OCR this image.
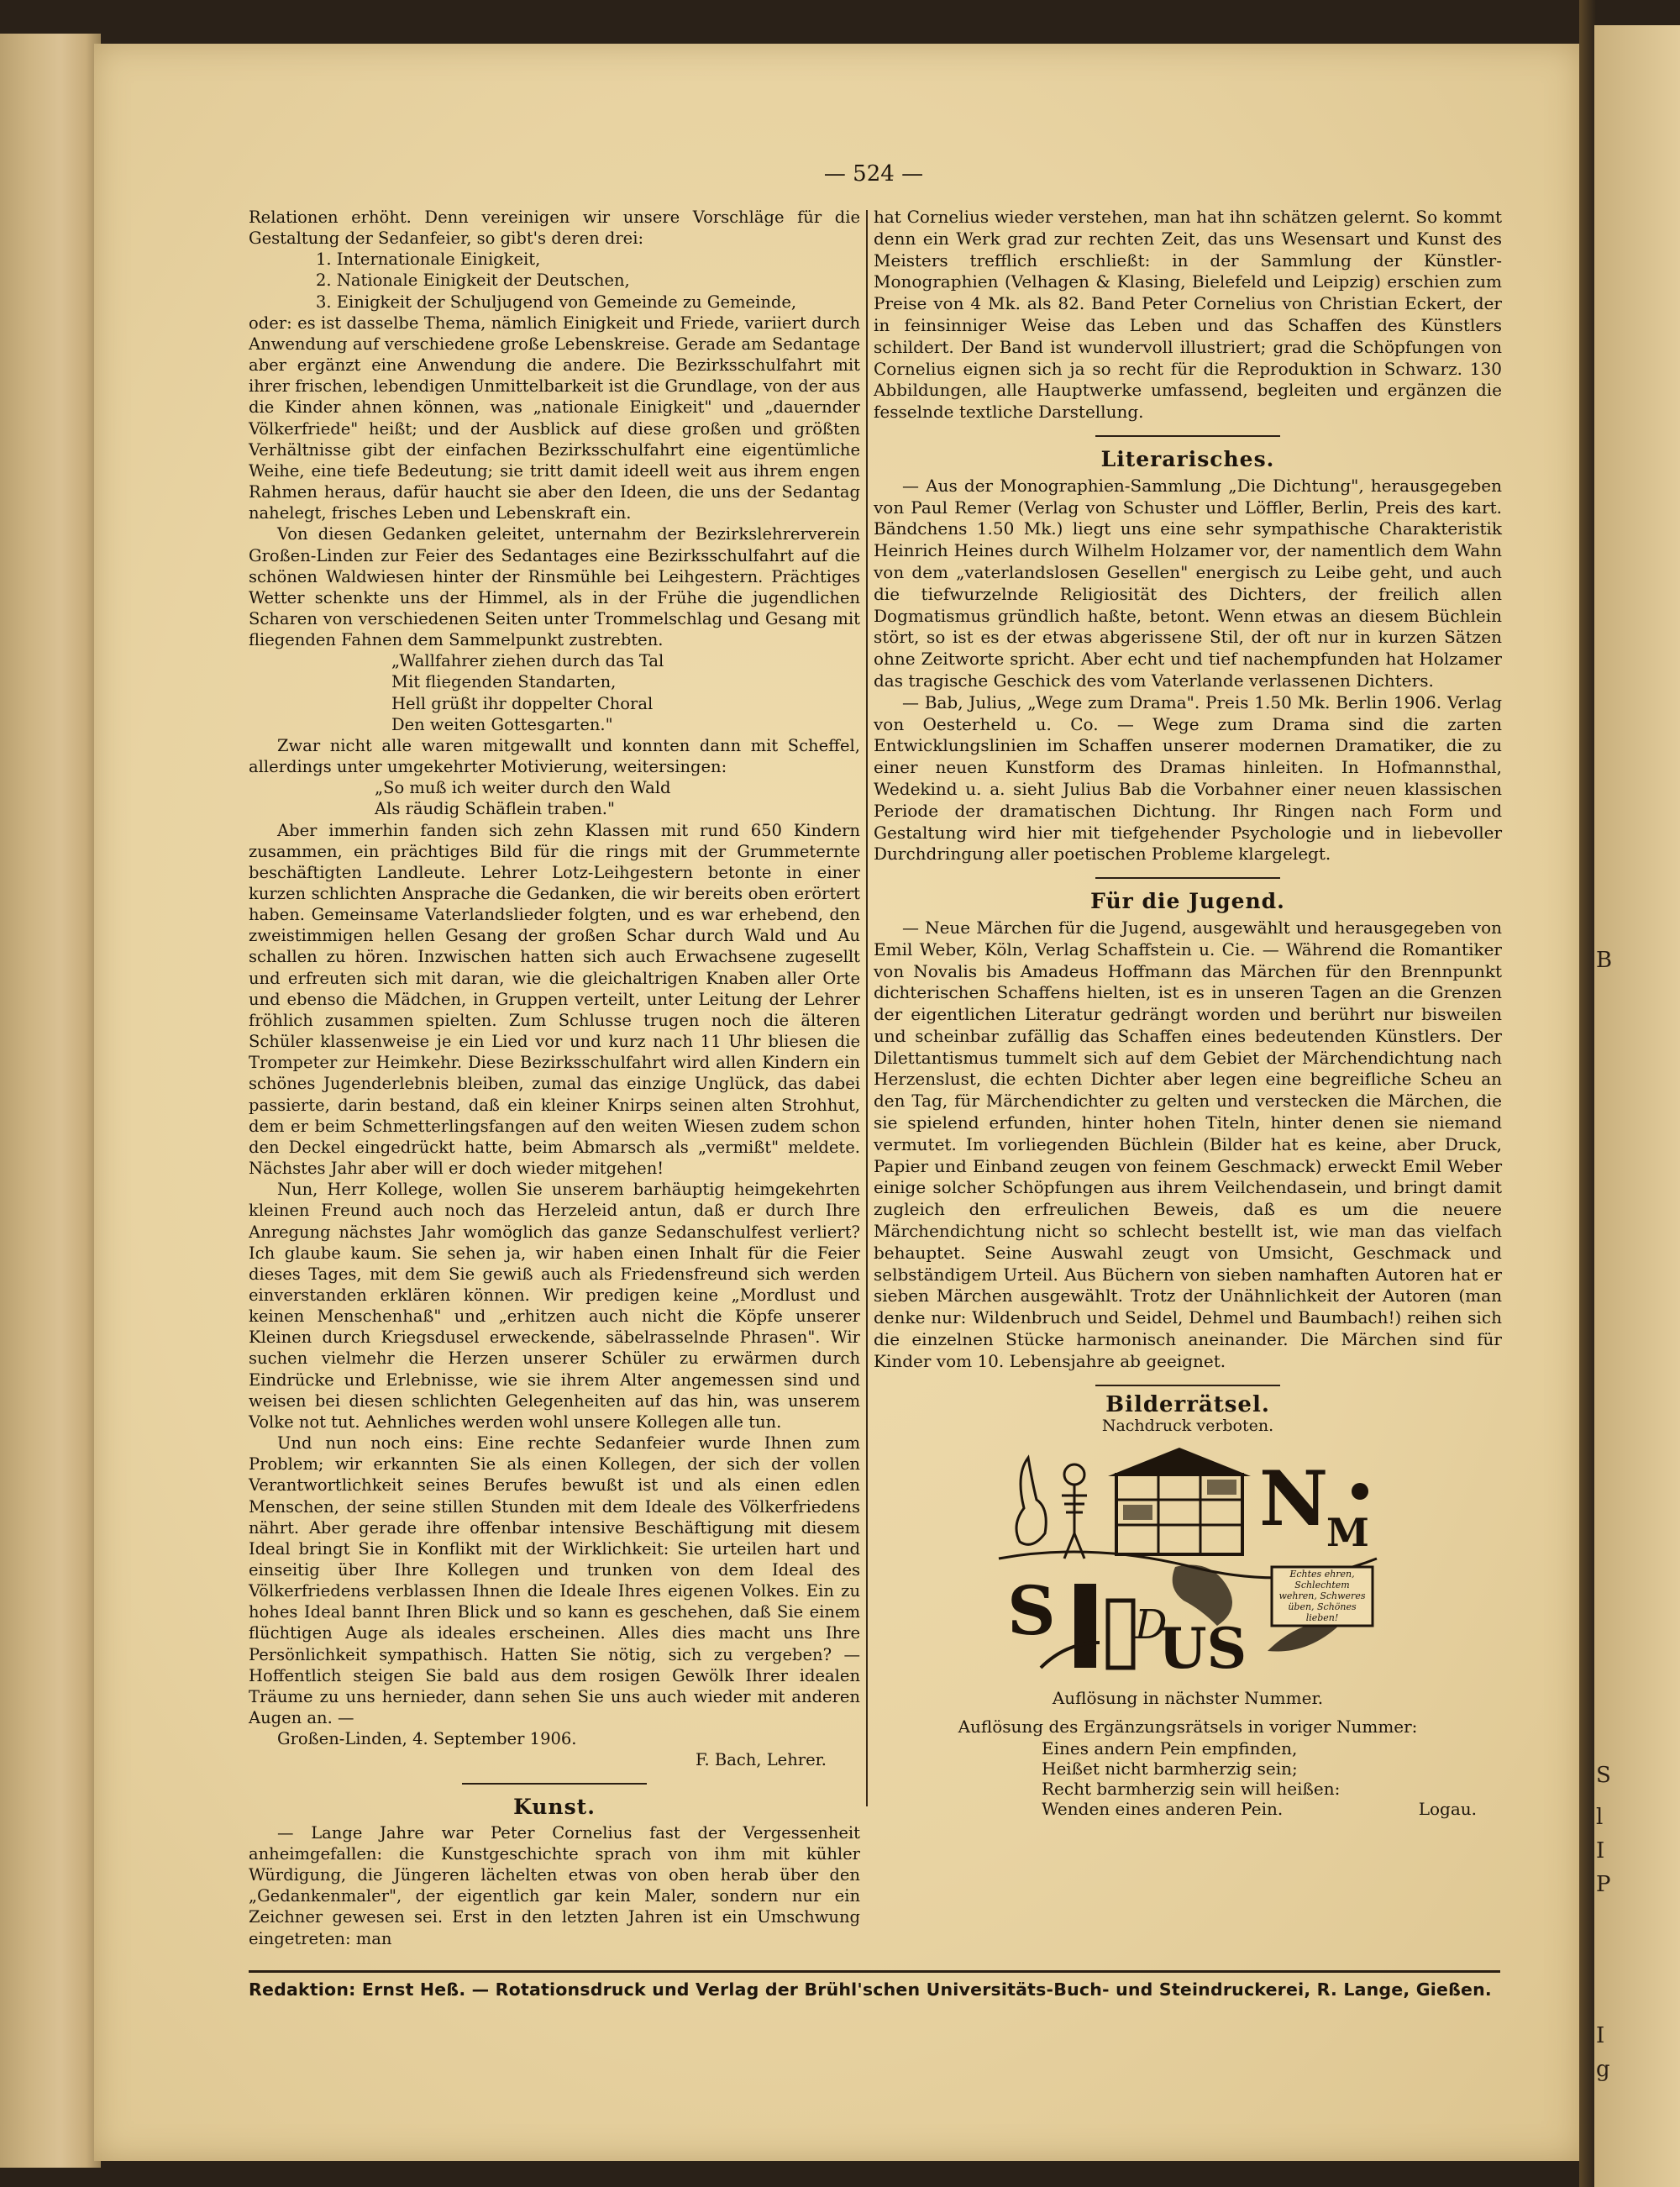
B
S
l
I
P
I
g
— 524 —

Relationen erhöht. Denn vereinigen wir unsere Vorschläge für die Gestaltung der Sedanfeier, so gibt's deren drei:

1. Internationale Einigkeit,

2. Nationale Einigkeit der Deutschen,

3. Einigkeit der Schuljugend von Gemeinde zu Gemeinde,

oder: es ist dasselbe Thema, nämlich Einigkeit und Friede, variiert durch Anwendung auf verschiedene große Lebenskreise. Gerade am Sedantage aber ergänzt eine Anwendung die andere. Die Bezirksschulfahrt mit ihrer frischen, lebendigen Unmittelbarkeit ist die Grundlage, von der aus die Kinder ahnen können, was „nationale Einigkeit" und „dauernder Völkerfriede" heißt; und der Ausblick auf diese großen und größten Verhältnisse gibt der einfachen Bezirksschulfahrt eine eigentümliche Weihe, eine tiefe Bedeutung; sie tritt damit ideell weit aus ihrem engen Rahmen heraus, dafür haucht sie aber den Ideen, die uns der Sedantag nahelegt, frisches Leben und Lebenskraft ein.

Von diesen Gedanken geleitet, unternahm der Bezirkslehrerverein Großen-Linden zur Feier des Sedantages eine Bezirksschulfahrt auf die schönen Waldwiesen hinter der Rinsmühle bei Leihgestern. Prächtiges Wetter schenkte uns der Himmel, als in der Frühe die jugendlichen Scharen von verschiedenen Seiten unter Trommelschlag und Gesang mit fliegenden Fahnen dem Sammelpunkt zustrebten.

„Wallfahrer ziehen durch das Tal
Mit fliegenden Standarten,
Hell grüßt ihr doppelter Choral
Den weiten Gottesgarten."

Zwar nicht alle waren mitgewallt und konnten dann mit Scheffel, allerdings unter umgekehrter Motivierung, weitersingen:

„So muß ich weiter durch den Wald
Als räudig Schäflein traben."

Aber immerhin fanden sich zehn Klassen mit rund 650 Kindern zusammen, ein prächtiges Bild für die rings mit der Grummeternte beschäftigten Landleute. Lehrer Lotz-Leihgestern betonte in einer kurzen schlichten Ansprache die Gedanken, die wir bereits oben erörtert haben. Gemeinsame Vaterlandslieder folgten, und es war erhebend, den zweistimmigen hellen Gesang der großen Schar durch Wald und Au schallen zu hören. Inzwischen hatten sich auch Erwachsene zugesellt und erfreuten sich mit daran, wie die gleichaltrigen Knaben aller Orte und ebenso die Mädchen, in Gruppen verteilt, unter Leitung der Lehrer fröhlich zusammen spielten. Zum Schlusse trugen noch die älteren Schüler klassenweise je ein Lied vor und kurz nach 11 Uhr bliesen die Trompeter zur Heimkehr. Diese Bezirksschulfahrt wird allen Kindern ein schönes Jugenderlebnis bleiben, zumal das einzige Unglück, das dabei passierte, darin bestand, daß ein kleiner Knirps seinen alten Strohhut, dem er beim Schmetterlingsfangen auf den weiten Wiesen zudem schon den Deckel eingedrückt hatte, beim Abmarsch als „vermißt" meldete. Nächstes Jahr aber will er doch wieder mitgehen!

Nun, Herr Kollege, wollen Sie unserem barhäuptig heimgekehrten kleinen Freund auch noch das Herzeleid antun, daß er durch Ihre Anregung nächstes Jahr womöglich das ganze Sedanschulfest verliert? Ich glaube kaum. Sie sehen ja, wir haben einen Inhalt für die Feier dieses Tages, mit dem Sie gewiß auch als Friedensfreund sich werden einverstanden erklären können. Wir predigen keine „Mordlust und keinen Menschenhaß" und „erhitzen auch nicht die Köpfe unserer Kleinen durch Kriegsdusel erweckende, säbelrasselnde Phrasen". Wir suchen vielmehr die Herzen unserer Schüler zu erwärmen durch Eindrücke und Erlebnisse, wie sie ihrem Alter angemessen sind und weisen bei diesen schlichten Gelegenheiten auf das hin, was unserem Volke not tut. Aehnliches werden wohl unsere Kollegen alle tun.

Und nun noch eins: Eine rechte Sedanfeier wurde Ihnen zum Problem; wir erkannten Sie als einen Kollegen, der sich der vollen Verantwortlichkeit seines Berufes bewußt ist und als einen edlen Menschen, der seine stillen Stunden mit dem Ideale des Völkerfriedens nährt. Aber gerade ihre offenbar intensive Beschäftigung mit diesem Ideal bringt Sie in Konflikt mit der Wirklichkeit: Sie urteilen hart und einseitig über Ihre Kollegen und trunken von dem Ideal des Völkerfriedens verblassen Ihnen die Ideale Ihres eigenen Volkes. Ein zu hohes Ideal bannt Ihren Blick und so kann es geschehen, daß Sie einem flüchtigen Auge als ideales erscheinen. Alles dies macht uns Ihre Persönlichkeit sympathisch. Hatten Sie nötig, sich zu vergeben? — Hoffentlich steigen Sie bald aus dem rosigen Gewölk Ihrer idealen Träume zu uns hernieder, dann sehen Sie uns auch wieder mit anderen Augen an. —

Großen-Linden, 4. September 1906.

F. Bach, Lehrer.

Kunst.

— Lange Jahre war Peter Cornelius fast der Vergessenheit anheimgefallen: die Kunstgeschichte sprach von ihm mit kühler Würdigung, die Jüngeren lächelten etwas von oben herab über den „Gedankenmaler", der eigentlich gar kein Maler, sondern nur ein Zeichner gewesen sei. Erst in den letzten Jahren ist ein Umschwung eingetreten: man

hat Cornelius wieder verstehen, man hat ihn schätzen gelernt. So kommt denn ein Werk grad zur rechten Zeit, das uns Wesensart und Kunst des Meisters trefflich erschließt: in der Sammlung der Künstler-Monographien (Velhagen & Klasing, Bielefeld und Leipzig) erschien zum Preise von 4 Mk. als 82. Band Peter Cornelius von Christian Eckert, der in feinsinniger Weise das Leben und das Schaffen des Künstlers schildert. Der Band ist wundervoll illustriert; grad die Schöpfungen von Cornelius eignen sich ja so recht für die Reproduktion in Schwarz. 130 Abbildungen, alle Hauptwerke umfassend, begleiten und ergänzen die fesselnde textliche Darstellung.

Literarisches.

— Aus der Monographien-Sammlung „Die Dichtung", herausgegeben von Paul Remer (Verlag von Schuster und Löffler, Berlin, Preis des kart. Bändchens 1.50 Mk.) liegt uns eine sehr sympathische Charakteristik Heinrich Heines durch Wilhelm Holzamer vor, der namentlich dem Wahn von dem „vaterlandslosen Gesellen" energisch zu Leibe geht, und auch die tiefwurzelnde Religiosität des Dichters, der freilich allen Dogmatismus gründlich haßte, betont. Wenn etwas an diesem Büchlein stört, so ist es der etwas abgerissene Stil, der oft nur in kurzen Sätzen ohne Zeitworte spricht. Aber echt und tief nachempfunden hat Holzamer das tragische Geschick des vom Vaterlande verlassenen Dichters.

— Bab, Julius, „Wege zum Drama". Preis 1.50 Mk. Berlin 1906. Verlag von Oesterheld u. Co. — Wege zum Drama sind die zarten Entwicklungslinien im Schaffen unserer modernen Dramatiker, die zu einer neuen Kunstform des Dramas hinleiten. In Hofmannsthal, Wedekind u. a. sieht Julius Bab die Vorbahner einer neuen klassischen Periode der dramatischen Dichtung. Ihr Ringen nach Form und Gestaltung wird hier mit tiefgehender Psychologie und in liebevoller Durchdringung aller poetischen Probleme klargelegt.

Für die Jugend.

— Neue Märchen für die Jugend, ausgewählt und herausgegeben von Emil Weber, Köln, Verlag Schaffstein u. Cie. — Während die Romantiker von Novalis bis Amadeus Hoffmann das Märchen für den Brennpunkt dichterischen Schaffens hielten, ist es in unseren Tagen an die Grenzen der eigentlichen Literatur gedrängt worden und berührt nur bisweilen und scheinbar zufällig das Schaffen eines bedeutenden Künstlers. Der Dilettantismus tummelt sich auf dem Gebiet der Märchendichtung nach Herzenslust, die echten Dichter aber legen eine begreifliche Scheu an den Tag, für Märchendichter zu gelten und verstecken die Märchen, die sie spielend erfunden, hinter hohen Titeln, hinter denen sie niemand vermutet. Im vorliegenden Büchlein (Bilder hat es keine, aber Druck, Papier und Einband zeugen von feinem Geschmack) erweckt Emil Weber einige solcher Schöpfungen aus ihrem Veilchendasein, und bringt damit zugleich den erfreulichen Beweis, daß es um die neuere Märchendichtung nicht so schlecht bestellt ist, wie man das vielfach behauptet. Seine Auswahl zeugt von Umsicht, Geschmack und selbständigem Urteil. Aus Büchern von sieben namhaften Autoren hat er sieben Märchen ausgewählt. Trotz der Unähnlichkeit der Autoren (man denke nur: Wildenbruch und Seidel, Dehmel und Baumbach!) reihen sich die einzelnen Stücke harmonisch aneinander. Die Märchen sind für Kinder vom 10. Lebensjahre ab geeignet.

Bilderrätsel.
Nachdruck verboten.
N
M
S D
US
Echtes ehren, Schlechtem wehren, Schweres üben, Schönes lieben!
Auflösung in nächster Nummer.
Auflösung des Ergänzungsrätsels in voriger Nummer:
Eines andern Pein empfinden,
Heißet nicht barmherzig sein;
Recht barmherzig sein will heißen:
Wenden eines anderen Pein.	Logau.
Redaktion: Ernst Heß. — Rotationsdruck und Verlag der Brühl'schen Universitäts-Buch- und Steindruckerei, R. Lange, Gießen.
